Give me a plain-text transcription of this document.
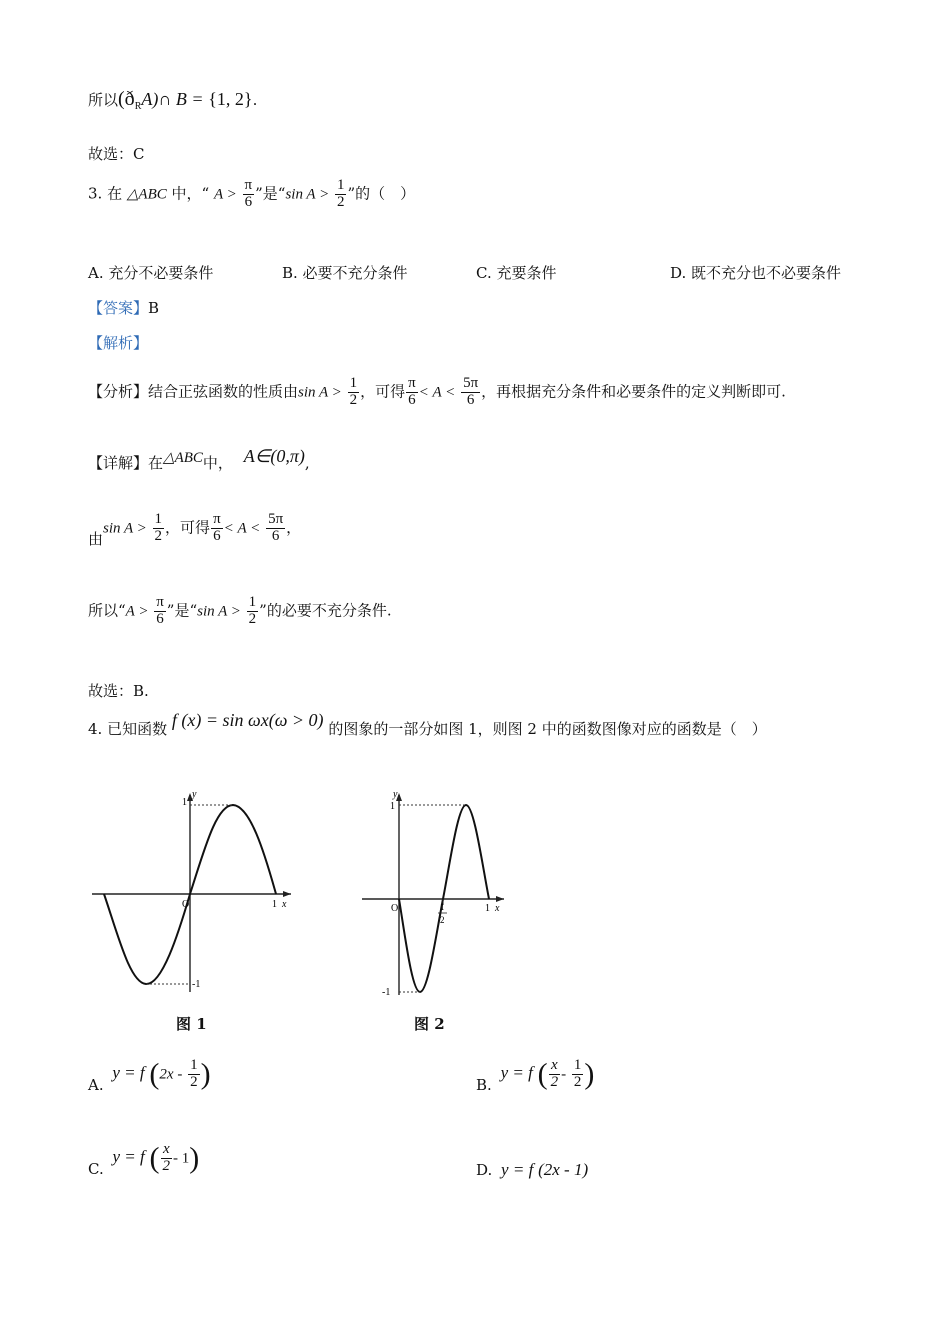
所以$(ð_RA)\cap$ B = {1, 2}.
故选：C
3. 在 △ABC 中，“ $A > \frac{\pi}{6}$ ”是“sin $A > \frac{1}{2}$ ”的（　）
A. 充分不必要条件	B. 必要不充分条件	C. 充要条件	D. 既不充分也不必要条件
【答案】B
【解析】
【分析】结合正弦函数的性质由$\sin A > \frac{1}{2}$ ，可得 $\frac{\pi}{6} < A < \frac{5\pi}{6}$ ，再根据充分条件和必要条件的定义判断即可.
【详解】在△ABC中， A∈(0,π),
由$\sin A > \frac{1}{2}$ ，可得 $\frac{\pi}{6} < A < \frac{5\pi}{6}$ ，
所以“$A > \frac{\pi}{6}$ ”是“sin $A > \frac{1}{2}$ ”的必要不充分条件.
故选：B.
4. 已知函数 f (x) = sin ωx(ω > 0) 的图象的一部分如图 1，则图 2 中的函数图像对应的函数是（　）
1
y
O	1 x
-1
图 1
1
y
O	1
2
1 x
-1
图 2
A. y = f ($2x - \frac{1}{2}$ )	B. y = f ( $\frac{x}{2} - \frac{1}{2}$ )
C. y = f ( $\frac{x}{2} - 1$)	D. y = f (2x - 1)
